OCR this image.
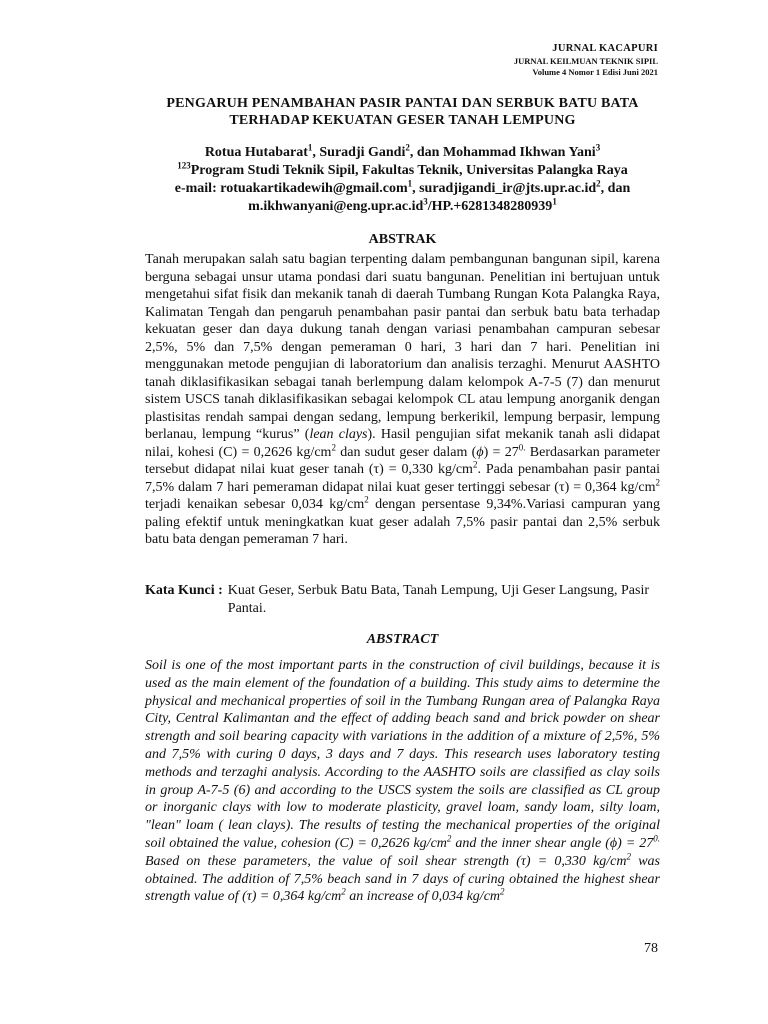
JURNAL KACAPURI
JURNAL KEILMUAN TEKNIK SIPIL
Volume 4 Nomor 1 Edisi Juni 2021
PENGARUH PENAMBAHAN PASIR PANTAI DAN SERBUK BATU BATA TERHADAP KEKUATAN GESER TANAH LEMPUNG
Rotua Hutabarat$^1$, Suradji Gandi$^2$, dan Mohammad Ikhwan Yani$^3$
$^{123}$Program Studi Teknik Sipil, Fakultas Teknik, Universitas Palangka Raya
e-mail: rotuakartikadewih@gmail.com$^1$, $suradjigandi\_ir@jts.upr.ac.id^2$, dan
$m.ikhwanyani@eng.upr.ac.id^3/HP.+6281348280939^1$
ABSTRAK
Tanah merupakan salah satu bagian terpenting dalam pembangunan bangunan sipil, karena berguna sebagai unsur utama pondasi dari suatu bangunan. Penelitian ini bertujuan untuk mengetahui sifat fisik dan mekanik tanah di daerah Tumbang Rungan Kota Palangka Raya, Kalimatan Tengah dan pengaruh penambahan pasir pantai dan serbuk batu bata terhadap kekuatan geser dan daya dukung tanah dengan variasi penambahan campuran sebesar 2,5%, 5% dan 7,5% dengan pemeraman 0 hari, 3 hari dan 7 hari. Penelitian ini menggunakan metode pengujian di laboratorium dan analisis terzaghi. Menurut AASHTO tanah diklasifikasikan sebagai tanah berlempung dalam kelompok A-7-5 (7) dan menurut sistem USCS tanah diklasifikasikan sebagai kelompok CL atau lempung anorganik dengan plastisitas rendah sampai dengan sedang, lempung berkerikil, lempung berpasir, lempung berlanau, lempung “kurus” (lean clays). Hasil pengujian sifat mekanik tanah asli didapat nilai, kohesi (C) = 0,2626 $kg/cm^2$ dan sudut geser dalam $(\phi) = 27^{0.}$ Berdasarkan parameter tersebut didapat nilai kuat geser tanah (τ) = 0,330 $kg/cm^2$. Pada penambahan pasir pantai 7,5% dalam 7 hari pemeraman didapat nilai kuat geser tertinggi sebesar (τ) = 0,364 $kg/cm^2$ terjadi kenaikan sebesar 0,034 $kg/cm^2$ dengan persentase 9,34%.Variasi campuran yang paling efektif untuk meningkatkan kuat geser adalah 7,5% pasir pantai dan 2,5% serbuk batu bata dengan pemeraman 7 hari.
Kata Kunci : Kuat Geser, Serbuk Batu Bata, Tanah Lempung, Uji Geser Langsung, Pasir Pantai.
ABSTRACT
Soil is one of the most important parts in the construction of civil buildings, because it is used as the main element of the foundation of a building. This study aims to determine the physical and mechanical properties of soil in the Tumbang Rungan area of Palangka Raya City, Central Kalimantan and the effect of adding beach sand and brick powder on shear strength and soil bearing capacity with variations in the addition of a mixture of 2,5%, 5% and 7,5% with curing 0 days, 3 days and 7 days. This research uses laboratory testing methods and terzaghi analysis. According to the AASHTO soils are classified as clay soils in group A-7-5 (6) and according to the USCS system the soils are classified as CL group or inorganic clays with low to moderate plasticity, gravel loam, sandy loam, silty loam, "lean" loam ( lean clays). The results of testing the mechanical properties of the original soil obtained the value, cohesion (C) = 0,2626 $kg/cm^2$ and the inner shear angle $(\phi) = 27^{0.}$ Based on these parameters, the value of soil shear strength (τ) = 0,330 $kg/cm^2$ was obtained. The addition of 7,5% beach sand in 7 days of curing obtained the highest shear strength value of (τ) = 0,364 $kg/cm^2$ an increase of 0,034 $kg/cm^2$
78
